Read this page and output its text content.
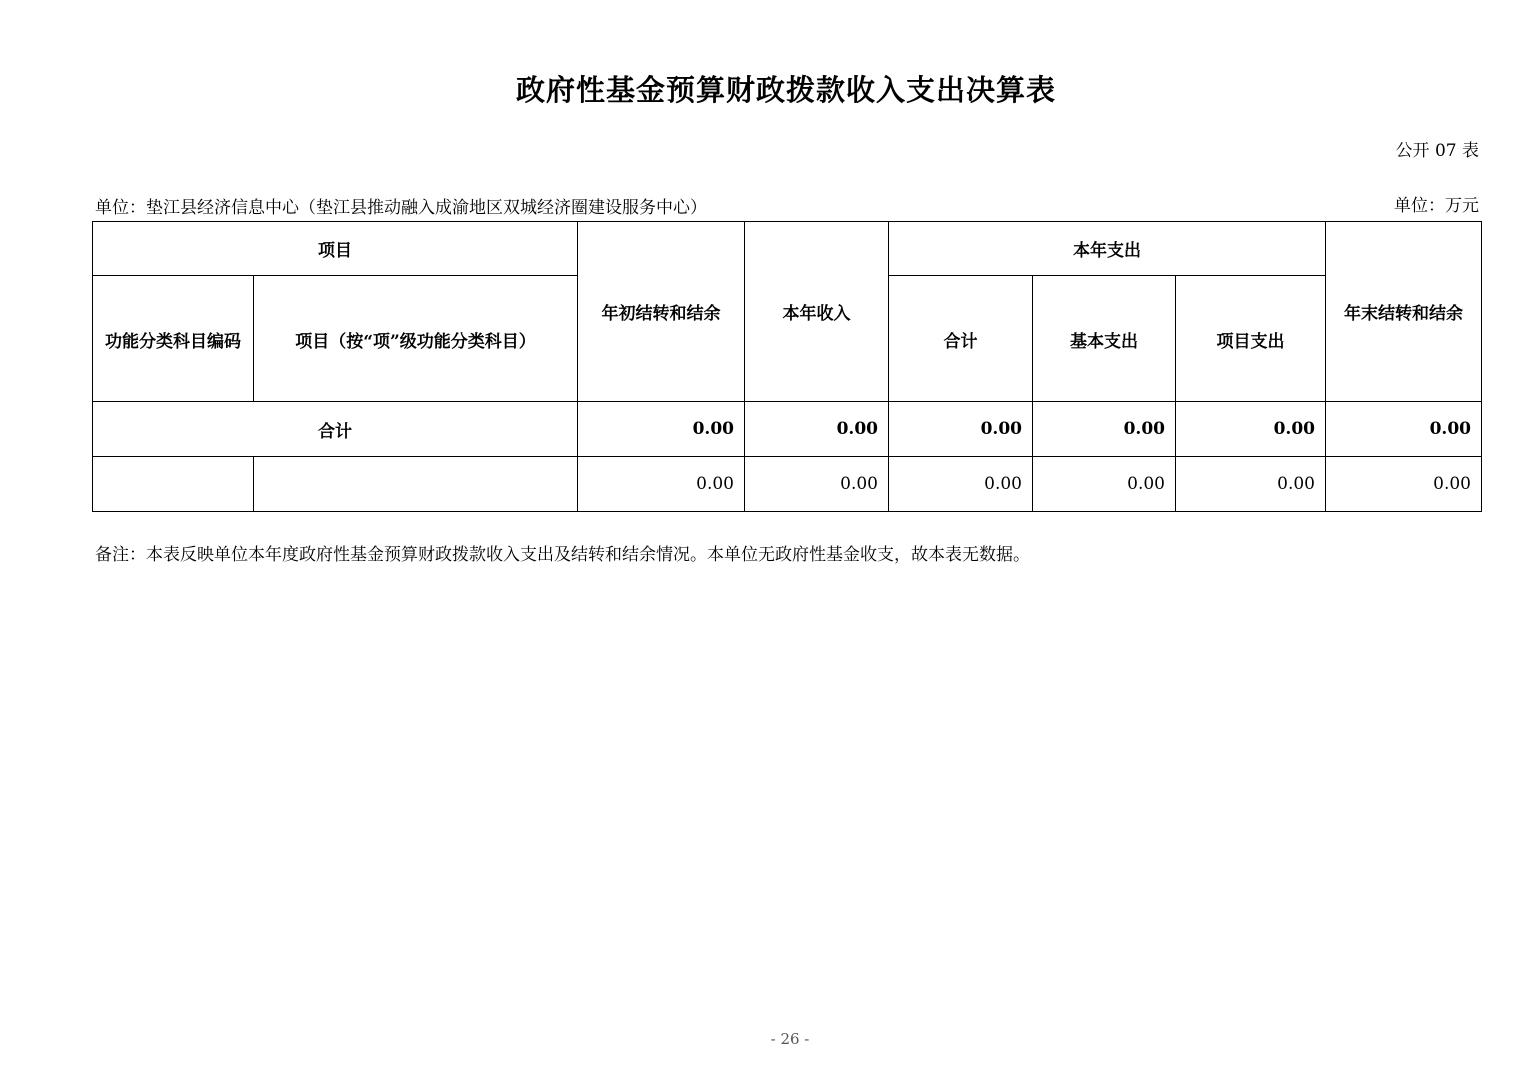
政府性基金预算财政拨款收入支出决算表
公开 07 表
单位：垫江县经济信息中心（垫江县推动融入成渝地区双城经济圈建设服务中心）	单位：万元
项目		年初结转和结余	本年收入	本年支出			年末结转和结余
功能分类科目编码	项目（按“项”级功能分类科目）			合计	基本支出	项目支出	
合计		0.00	0.00	0.00	0.00	0.00	0.00
		0.00	0.00	0.00	0.00	0.00	0.00
备注：本表反映单位本年度政府性基金预算财政拨款收入支出及结转和结余情况。本单位无政府性基金收支，故本表无数据。
- 26 -
